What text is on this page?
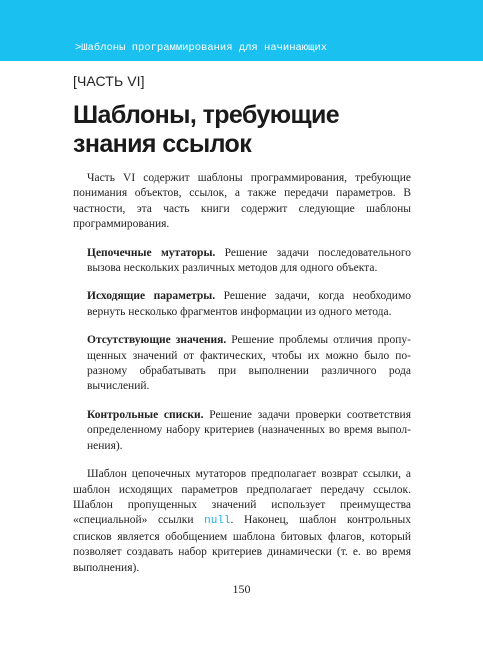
>Шаблоны программирования для начинающих
[ЧАСТЬ VI]
Шаблоны, требующие
знания ссылок

Часть VI содержит шаблоны программирования, требующие понимания объектов, ссылок, а также передачи параметров. В частности, эта часть книги содержит следующие шаблоны программирования.

Цепочечные мутаторы. Решение задачи последовательного вызова нескольких различных методов для одного объекта.
Исходящие параметры. Решение задачи, когда необходимо вернуть несколько фрагментов информации из одного метода.
Отсутствующие значения. Решение проблемы отличия пропущенных значений от фактических, чтобы их можно было по-разному обрабатывать при выполнении различного рода вычислений.
Контрольные списки. Решение задачи проверки соответствия определенному набору критериев (назначенных во время выполнения).

Шаблон цепочечных мутаторов предполагает возврат ссылки, а шаблон исходящих параметров предполагает передачу ссылок. Шаблон пропущенных значений использует преимущества «специальной» ссылки null. Наконец, шаблон контрольных списков является обобщением шаблона битовых флагов, который позволяет создавать набор критериев динамически (т. е. во время выполнения).

150
